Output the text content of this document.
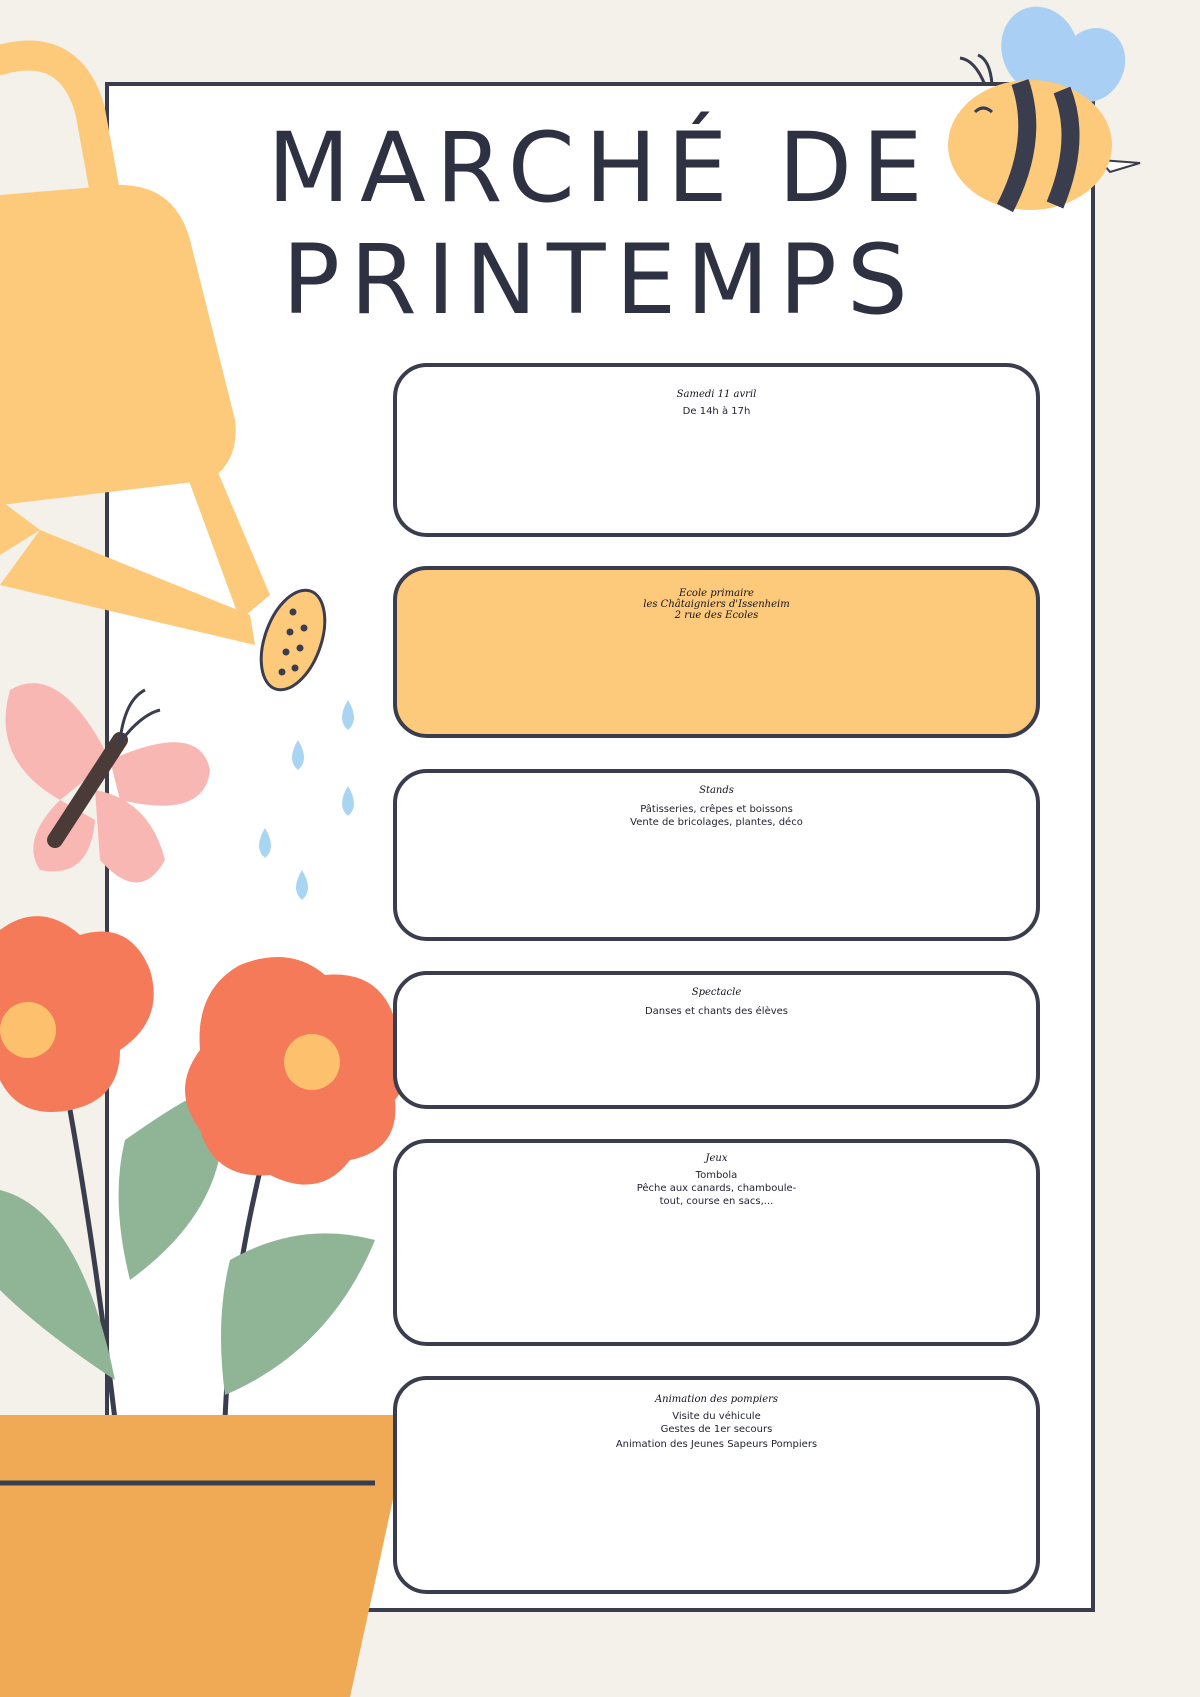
MARCHÉ DE
PRINTEMPS
Samedi 11 avril
De 14h à 17h
Ecole primaire
les Châtaigniers d'Issenheim
2 rue des Ecoles
Stands
Pâtisseries, crêpes et boissons
Vente de bricolages, plantes, déco
Spectacle
Danses et chants des élèves
Jeux
Tombola
Pêche aux canards, chamboule-
tout, course en sacs,...
Animation des pompiers
Visite du véhicule
Gestes de 1er secours
Animation des Jeunes Sapeurs Pompiers
